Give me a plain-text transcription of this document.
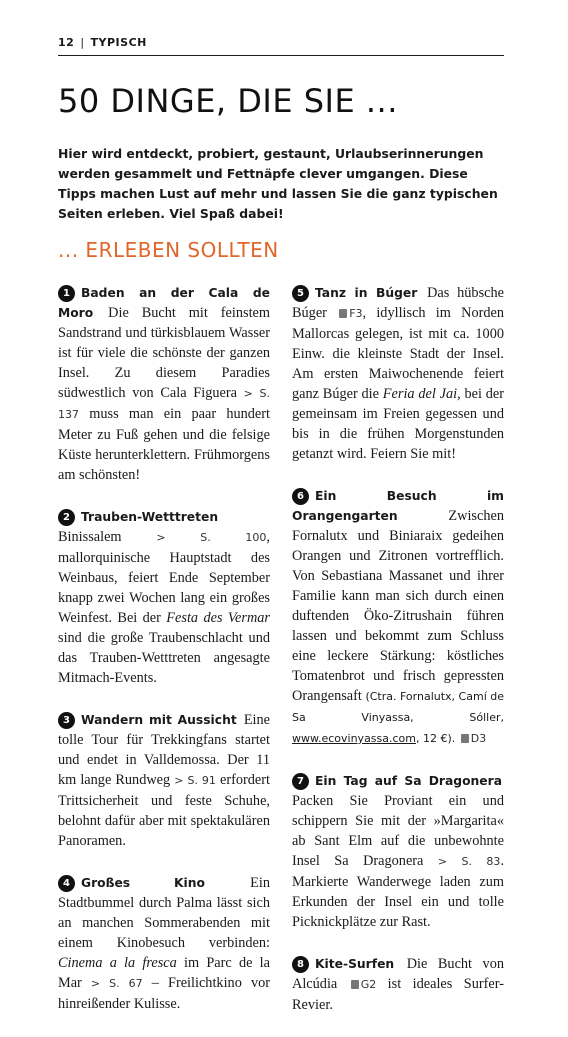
12 | TYPISCH
50 DINGE, DIE SIE ...

Hier wird entdeckt, probiert, gestaunt, Urlaubserinnerungen werden gesammelt und Fettnäpfe clever umgangen. Diese Tipps machen Lust auf mehr und lassen Sie die ganz typischen Seiten erleben. Viel Spaß dabei!

... ERLEBEN SOLLTEN

1 Baden an der Cala de Moro Die Bucht mit feinstem Sandstrand und türkisblauem Wasser ist für viele die schönste der ganzen Insel. Zu diesem Paradies südwestlich von Cala Figuera > S. 137 muss man ein paar hundert Meter zu Fuß gehen und die felsige Küste herunterklettern. Frühmorgens am schönsten!

2 Trauben-Wetttreten Binissalem > S. 100, mallorquinische Hauptstadt des Weinbaus, feiert Ende September knapp zwei Wochen lang ein großes Weinfest. Bei der Festa des Vermar sind die große Traubenschlacht und das Trauben-Wetttreten angesagte Mitmach-Events.

3 Wandern mit Aussicht Eine tolle Tour für Trekkingfans startet und endet in Valldemossa. Der 11 km lange Rundweg > S. 91 erfordert Trittsicherheit und feste Schuhe, belohnt dafür aber mit spektakulären Panoramen.

4 Großes Kino	Ein Stadtbummel durch Palma lässt sich an manchen Sommerabenden mit einem Kinobesuch verbinden: Cinema a la fresca im Parc de la Mar > S. 67 – Freilichtkino vor hinreißender Kulisse.

5 Tanz in Búger Das hübsche Búger F3, idyllisch im Norden Mallorcas gelegen, ist mit ca. 1000 Einw. die kleinste Stadt der Insel. Am ersten Maiwochenende feiert ganz Búger die Feria del Jai, bei der gemeinsam im Freien gegessen und bis in die frühen Morgenstunden getanzt wird. Feiern Sie mit!

6 Ein Besuch im Orangengarten	Zwischen Fornalutx und Biniaraix gedeihen Orangen und Zitronen vortrefflich. Von Sebastiana Massanet und ihrer Familie kann man sich durch einen duftenden Öko-Zitrushain führen lassen und bekommt zum Schluss eine leckere Stärkung: köstliches Tomatenbrot und frisch gepressten Orangensaft (Ctra. Fornalutx, Camí de Sa Vinyassa, Sóller, www.ecovinyassa.com, 12 €). D3

7 Ein Tag auf Sa Dragonera Packen Sie Proviant ein und schippern Sie mit der »Margarita« ab Sant Elm auf die unbewohnte Insel Sa Dragonera > S. 83. Markierte Wanderwege laden zum Erkunden der Insel ein und tolle Picknickplätze zur Rast.

8 Kite-Surfen Die Bucht von Alcúdia G2 ist ideales Surfer-Revier.
